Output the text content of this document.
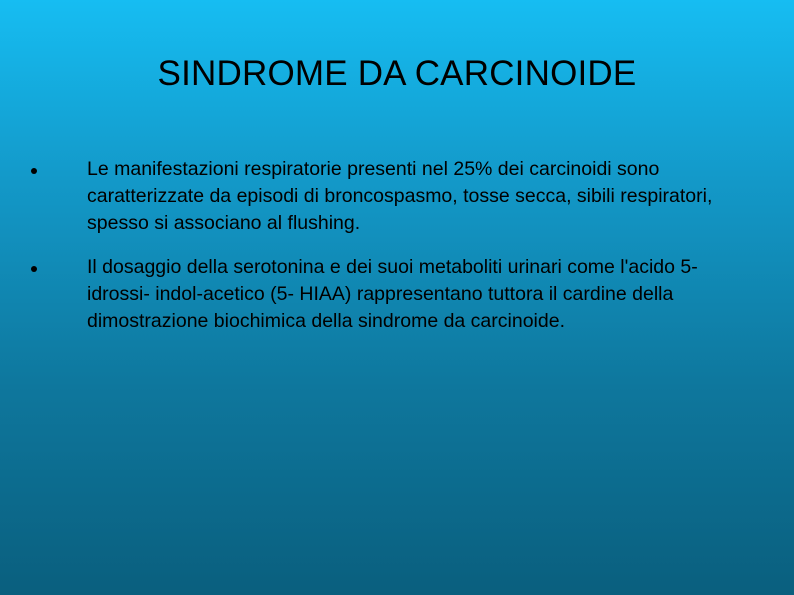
SINDROME DA CARCINOIDE
Le manifestazioni respiratorie presenti nel 25% dei carcinoidi sono caratterizzate da episodi di broncospasmo, tosse secca, sibili respiratori, spesso si associano al flushing.
Il dosaggio della serotonina e dei suoi metaboliti urinari come l'acido 5- idrossi- indol-acetico (5- HIAA) rappresentano tuttora il cardine della dimostrazione biochimica della sindrome da carcinoide.
